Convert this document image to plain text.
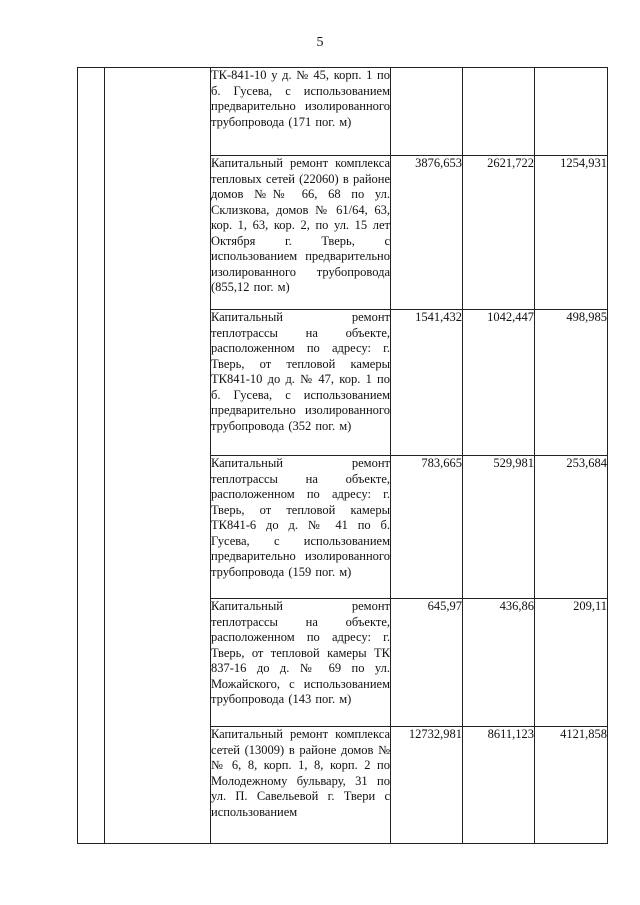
5
		ТК-841-10 у д. № 45, корп. 1 по б. Гусева, с использованием предварительно изолированного трубопровода (171 пог. м)			
		Капитальный ремонт комплекса тепловых сетей (22060) в районе домов №№ 66, 68 по ул. Склизкова, домов № 61/64, 63, кор. 1, 63, кор. 2, по ул. 15 лет Октября г. Тверь, с использованием предварительно изолированного трубопровода (855,12 пог. м)	3876,653	2621,722	1254,931
		Капитальный ремонт теплотрассы на объекте, расположенном по адресу: г. Тверь, от тепловой камеры ТК841-10 до д. № 47, кор. 1 по б. Гусева, с использованием предварительно изолированного трубопровода (352 пог. м)	1541,432	1042,447	498,985
		Капитальный ремонт теплотрассы на объекте, расположенном по адресу: г. Тверь, от тепловой камеры ТК841-6 до д. № 41 по б. Гусева, с использованием предварительно изолированного трубопровода (159 пог. м)	783,665	529,981	253,684
		Капитальный ремонт теплотрассы на объекте, расположенном по адресу: г. Тверь, от тепловой камеры ТК 837-16 до д. № 69 по ул. Можайского, с использованием трубопровода (143 пог. м)	645,97	436,86	209,11
		Капитальный ремонт комплекса сетей (13009) в районе домов №№ 6, 8, корп. 1, 8, корп. 2 по Молодежному бульвару, 31 по ул. П. Савельевой г. Твери с использованием	12732,981	8611,123	4121,858
